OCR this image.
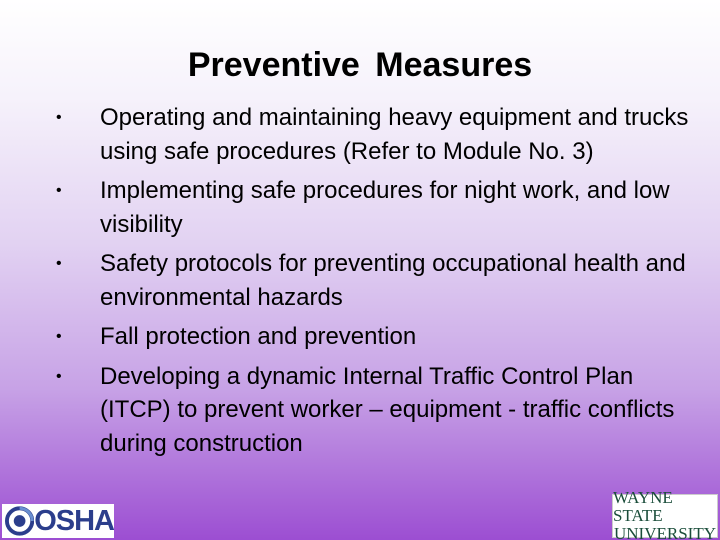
Preventive Measures
•	Operating and maintaining heavy equipment and trucks using safe procedures (Refer to Module No. 3)
•	Implementing safe procedures for night work, and low visibility
•	Safety protocols for preventing occupational health and environmental hazards
•	Fall protection and prevention
•	Developing a dynamic Internal Traffic Control Plan (ITCP) to prevent worker – equipment - traffic conflicts during construction
OSHA
WAYNE STATE
UNIVERSITY
